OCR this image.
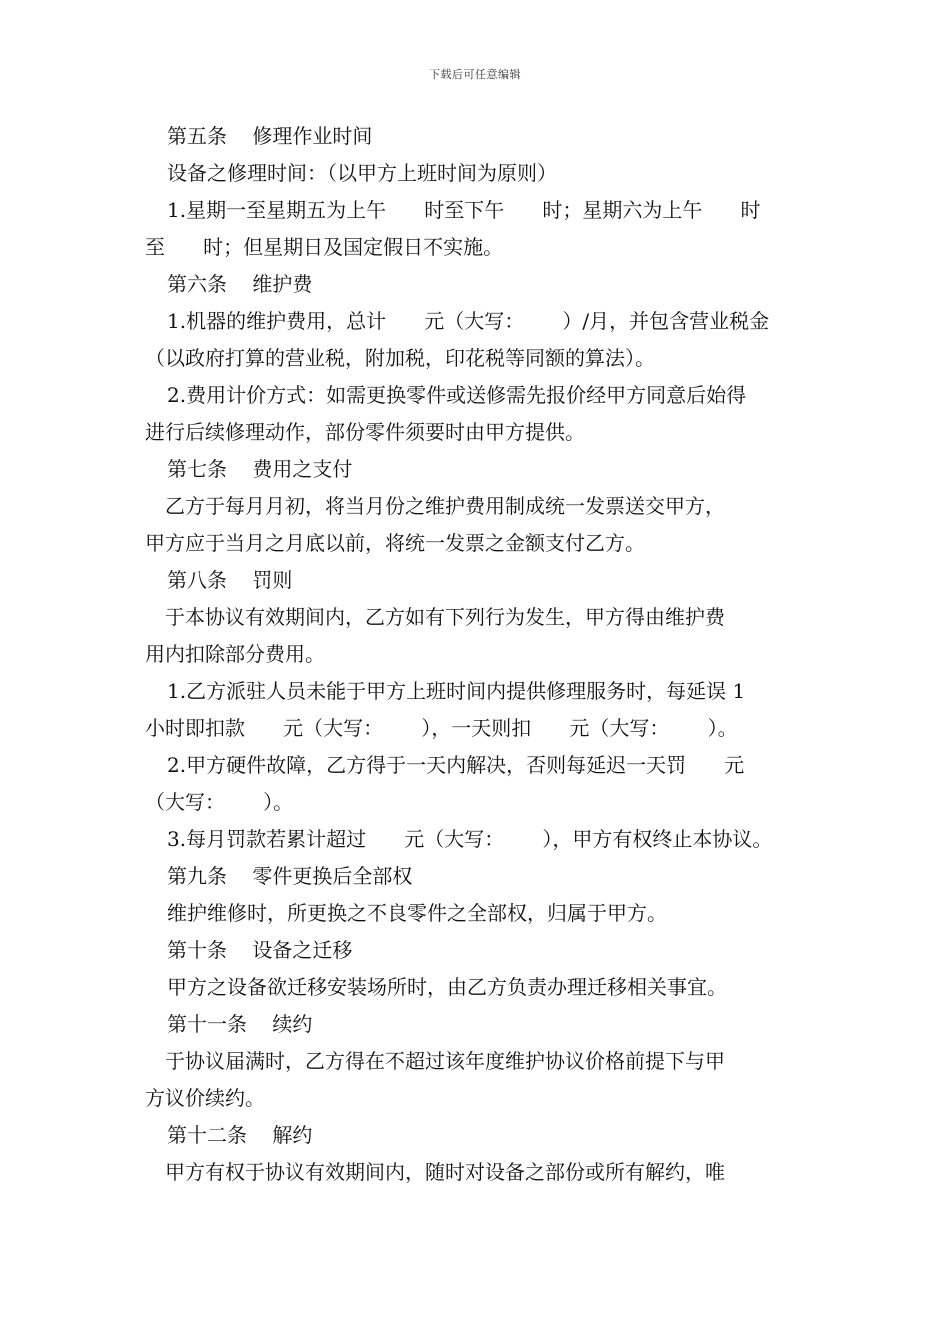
下载后可任意编辑
第五条    修理作业时间
设备之修理时间：（以甲方上班时间为原则）
1.星期一至星期五为上午      时至下午      时；星期六为上午      时
至      时；但星期日及国定假日不实施。
第六条    维护费
1.机器的维护费用，总计      元（大写：      ）/月，并包含营业税金
（以政府打算的营业税，附加税，印花税等同额的算法）。
2.费用计价方式：如需更换零件或送修需先报价经甲方同意后始得
进行后续修理动作，部份零件须要时由甲方提供。
第七条    费用之支付
乙方于每月月初，将当月份之维护费用制成统一发票送交甲方，
甲方应于当月之月底以前，将统一发票之金额支付乙方。
第八条    罚则
于本协议有效期间内，乙方如有下列行为发生，甲方得由维护费
用内扣除部分费用。
1.乙方派驻人员未能于甲方上班时间内提供修理服务时，每延误 1
小时即扣款      元（大写：      ），一天则扣      元（大写：      ）。
2.甲方硬件故障，乙方得于一天内解决，否则每延迟一天罚      元
（大写：      ）。
3.每月罚款若累计超过      元（大写：      ），甲方有权终止本协议。
第九条    零件更换后全部权
维护维修时，所更换之不良零件之全部权，归属于甲方。
第十条    设备之迁移
甲方之设备欲迁移安装场所时，由乙方负责办理迁移相关事宜。
第十一条    续约
于协议届满时，乙方得在不超过该年度维护协议价格前提下与甲
方议价续约。
第十二条    解约
甲方有权于协议有效期间内，随时对设备之部份或所有解约，唯
